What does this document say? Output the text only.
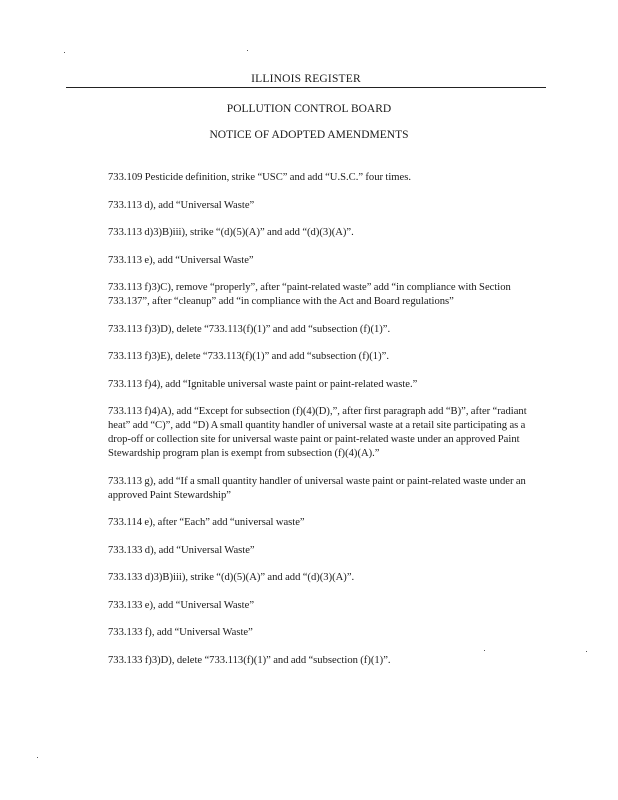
ILLINOIS REGISTER
POLLUTION CONTROL BOARD
NOTICE OF ADOPTED AMENDMENTS
733.109 Pesticide definition, strike “USC” and add “U.S.C.” four times.
733.113 d), add “Universal Waste”
733.113 d)3)B)iii), strike “(d)(5)(A)” and add “(d)(3)(A)”.
733.113 e), add “Universal Waste”
733.113 f)3)C), remove “properly”, after “paint-related waste” add “in compliance with Section 733.137”, after “cleanup” add “in compliance with the Act and Board regulations”
733.113 f)3)D), delete “733.113(f)(1)” and add “subsection (f)(1)”.
733.113 f)3)E), delete “733.113(f)(1)” and add “subsection (f)(1)”.
733.113 f)4), add “Ignitable universal waste paint or paint-related waste.”
733.113 f)4)A), add “Except for subsection (f)(4)(D),”, after first paragraph add “B)”, after “radiant heat” add “C)”, add “D) A small quantity handler of universal waste at a retail site participating as a drop-off or collection site for universal waste paint or paint-related waste under an approved Paint Stewardship program plan is exempt from subsection (f)(4)(A).”
733.113 g), add “If a small quantity handler of universal waste paint or paint-related waste under an approved Paint Stewardship”
733.114 e), after “Each” add “universal waste”
733.133 d), add “Universal Waste”
733.133 d)3)B)iii), strike “(d)(5)(A)” and add “(d)(3)(A)”.
733.133 e), add “Universal Waste”
733.133 f), add “Universal Waste”
733.133 f)3)D), delete “733.113(f)(1)” and add “subsection (f)(1)”.
